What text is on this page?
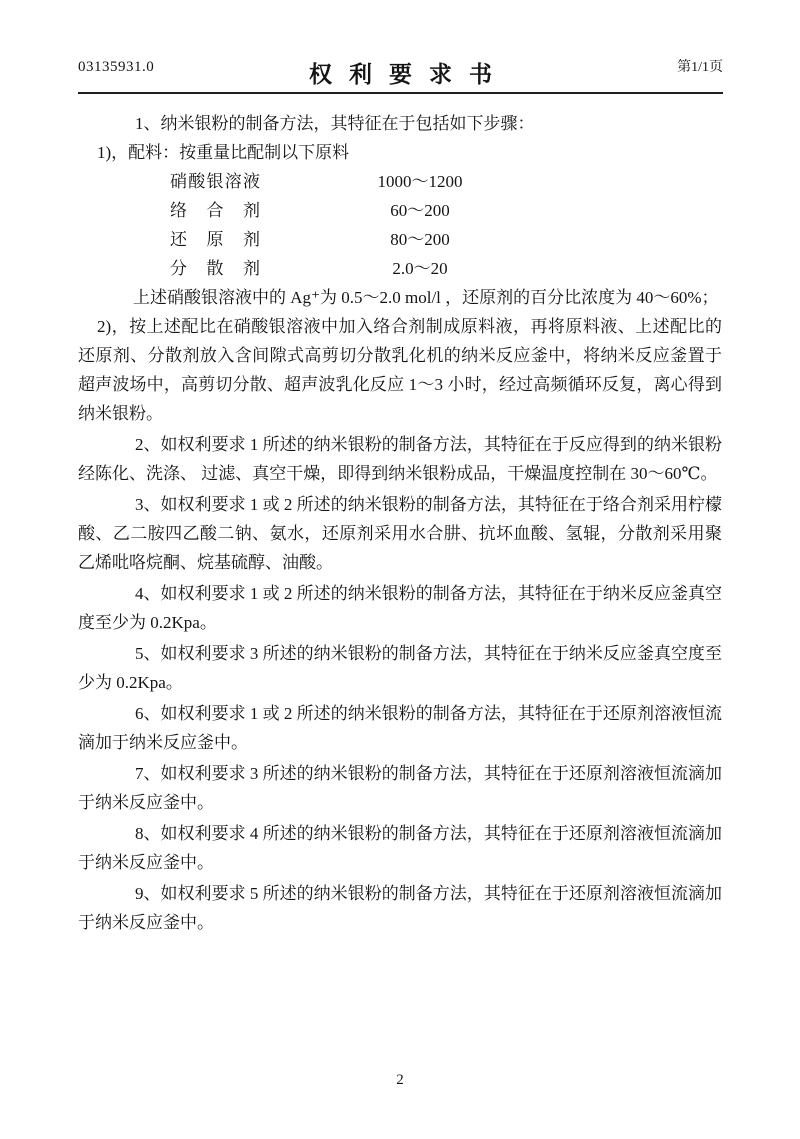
03135931.0	权利要求书	第1/1页

1、纳米银粉的制备方法，其特征在于包括如下步骤：

1)，配料：按重量比配制以下原料

硝酸银溶液	1000～1200
络合剂	60～200
还原剂	80～200
分散剂	2.0～20

上述硝酸银溶液中的 Ag⁺为 0.5～2.0 mol/l ，还原剂的百分比浓度为 40～60%；

2)，按上述配比在硝酸银溶液中加入络合剂制成原料液，再将原料液、上述配比的还原剂、分散剂放入含间隙式高剪切分散乳化机的纳米反应釜中，将纳米反应釜置于超声波场中，高剪切分散、超声波乳化反应 1～3 小时，经过高频循环反复，离心得到纳米银粉。

2、如权利要求 1 所述的纳米银粉的制备方法，其特征在于反应得到的纳米银粉经陈化、洗涤、 过滤、真空干燥，即得到纳米银粉成品，干燥温度控制在 30～60℃。

3、如权利要求 1 或 2 所述的纳米银粉的制备方法，其特征在于络合剂采用柠檬酸、乙二胺四乙酸二钠、氨水，还原剂采用水合肼、抗坏血酸、氢辊，分散剂采用聚乙烯吡咯烷酮、烷基硫醇、油酸。

4、如权利要求 1 或 2 所述的纳米银粉的制备方法，其特征在于纳米反应釜真空度至少为 0.2Kpa。

5、如权利要求 3 所述的纳米银粉的制备方法，其特征在于纳米反应釜真空度至少为 0.2Kpa。

6、如权利要求 1 或 2 所述的纳米银粉的制备方法，其特征在于还原剂溶液恒流滴加于纳米反应釜中。

7、如权利要求 3 所述的纳米银粉的制备方法，其特征在于还原剂溶液恒流滴加于纳米反应釜中。

8、如权利要求 4 所述的纳米银粉的制备方法，其特征在于还原剂溶液恒流滴加于纳米反应釜中。

9、如权利要求 5 所述的纳米银粉的制备方法，其特征在于还原剂溶液恒流滴加于纳米反应釜中。

2
